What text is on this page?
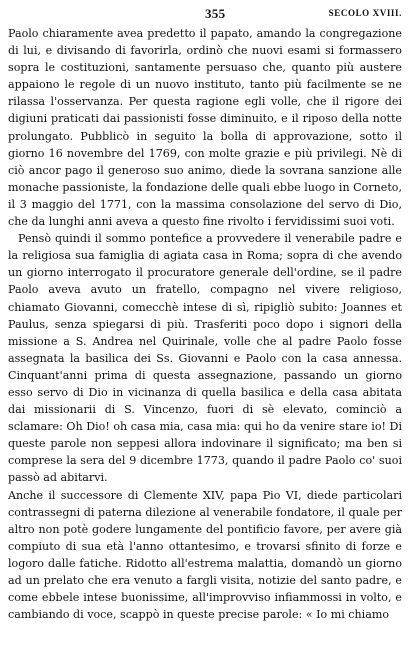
355	SECOLO XVIII.

Paolo chiaramente avea predetto il papato, amando la congregazione di lui, e divisando di favorirla, ordinò che nuovi esami si formassero sopra le costituzioni, santamente persuaso che, quanto più austere appaiono le regole di un nuovo instituto, tanto più facilmente se ne rilassa l'osservanza. Per questa ragione egli volle, che il rigore dei digiuni praticati dai passionisti fosse diminuito, e il riposo della notte prolungato. Pubblicò in seguito la bolla di approvazione, sotto il giorno 16 novembre del 1769, con molte grazie e più privilegi. Nè di ciò ancor pago il generoso suo animo, diede la sovrana sanzione alle monache passioniste, la fondazione delle quali ebbe luogo in Corneto, il 3 maggio del 1771, con la massima consolazione del servo di Dio, che da lunghi anni aveva a questo fine rivolto i fervidissimi suoi voti.

Pensò quindi il sommo pontefice a provvedere il venerabile padre e la religiosa sua famiglia di agiata casa in Roma; sopra di che avendo un giorno interrogato il procuratore generale dell'ordine, se il padre Paolo aveva avuto un fratello, compagno nel vivere religioso, chiamato Giovanni, comecchè intese di sì, ripigliò subito: Joannes et Paulus, senza spiegarsi di più. Trasferiti poco dopo i signori della missione a S. Andrea nel Quirinale, volle che al padre Paolo fosse assegnata la basilica dei Ss. Giovanni e Paolo con la casa annessa. Cinquant'anni prima di questa assegnazione, passando un giorno esso servo di Dio in vicinanza di quella basilica e della casa abitata dai missionarii di S. Vincenzo, fuori di sè elevato, cominciò a sclamare: Oh Dio! oh casa mia, casa mia: qui ho da venire stare io! Di queste parole non seppesi allora indovinare il significato; ma ben si comprese la sera del 9 dicembre 1773, quando il padre Paolo co' suoi passò ad abitarvi.

Anche il successore di Clemente XIV, papa Pio VI, diede particolari contrassegni di paterna dilezione al venerabile fondatore, il quale per altro non potè godere lungamente del pontificio favore, per avere già compiuto di sua età l'anno ottantesimo, e trovarsi sfinito di forze e logoro dalle fatiche. Ridotto all'estrema malattia, domandò un giorno ad un prelato che era venuto a fargli visita, notizie del santo padre, e come ebbele intese buonissime, all'improvviso infiammossi in volto, e cambiando di voce, scappò in queste precise parole: « Io mi chiamo
